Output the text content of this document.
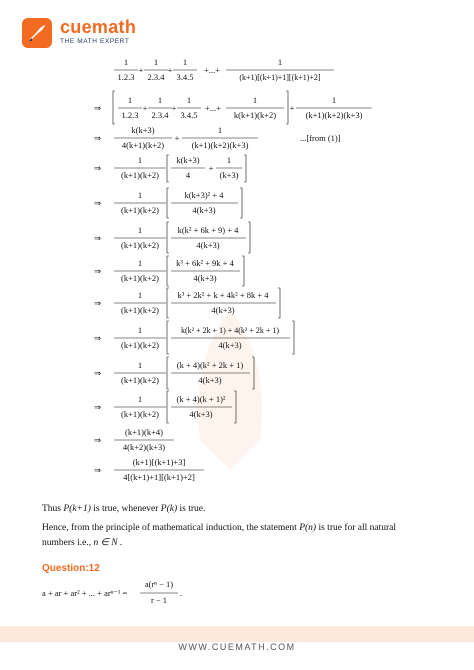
cuemath
THE MATH EXPERT
1
1.2.3
+
1
2.3.4
+
1
3.4.5
+...+
1
(k+1)[(k+1)+1][(k+1)+2]
⇒
1
1.2.3
+
1
2.3.4
+
1
3.4.5
+...+
1
k(k+1)(k+2)
+
1
(k+1)(k+2)(k+3)
⇒
k(k+3)
4(k+1)(k+2)
+
1
(k+1)(k+2)(k+3)
...[from (1)]
⇒
1
(k+1)(k+2)
k(k+3)
4
+
1
(k+3)
⇒
1
(k+1)(k+2)
k(k+3)² + 4
4(k+3)
⇒
1
(k+1)(k+2)
k(k² + 6k + 9) + 4
4(k+3)
⇒
1
(k+1)(k+2)
k³ + 6k² + 9k + 4
4(k+3)
⇒
1
(k+1)(k+2)
k³ + 2k² + k + 4k² + 8k + 4
4(k+3)
⇒
1
(k+1)(k+2)
k(k² + 2k + 1) + 4(k² + 2k + 1)
4(k+3)
⇒
1
(k+1)(k+2)
(k + 4)(k² + 2k + 1)
4(k+3)
⇒
1
(k+1)(k+2)
(k + 4)(k + 1)²
4(k+3)
⇒
(k+1)(k+4)
4(k+2)(k+3)
⇒
(k+1)[(k+1)+3]
4[(k+1)+1][(k+1)+2]
Thus P(k+1) is true, whenever P(k) is true.
Hence, from the principle of mathematical induction, the statement P(n) is true for all natural
numbers i.e., n ∈ N .
Question:12
a + ar + ar² + ... + arⁿ⁻¹ =
a(rⁿ − 1)
r − 1
.
WWW.CUEMATH.COM
